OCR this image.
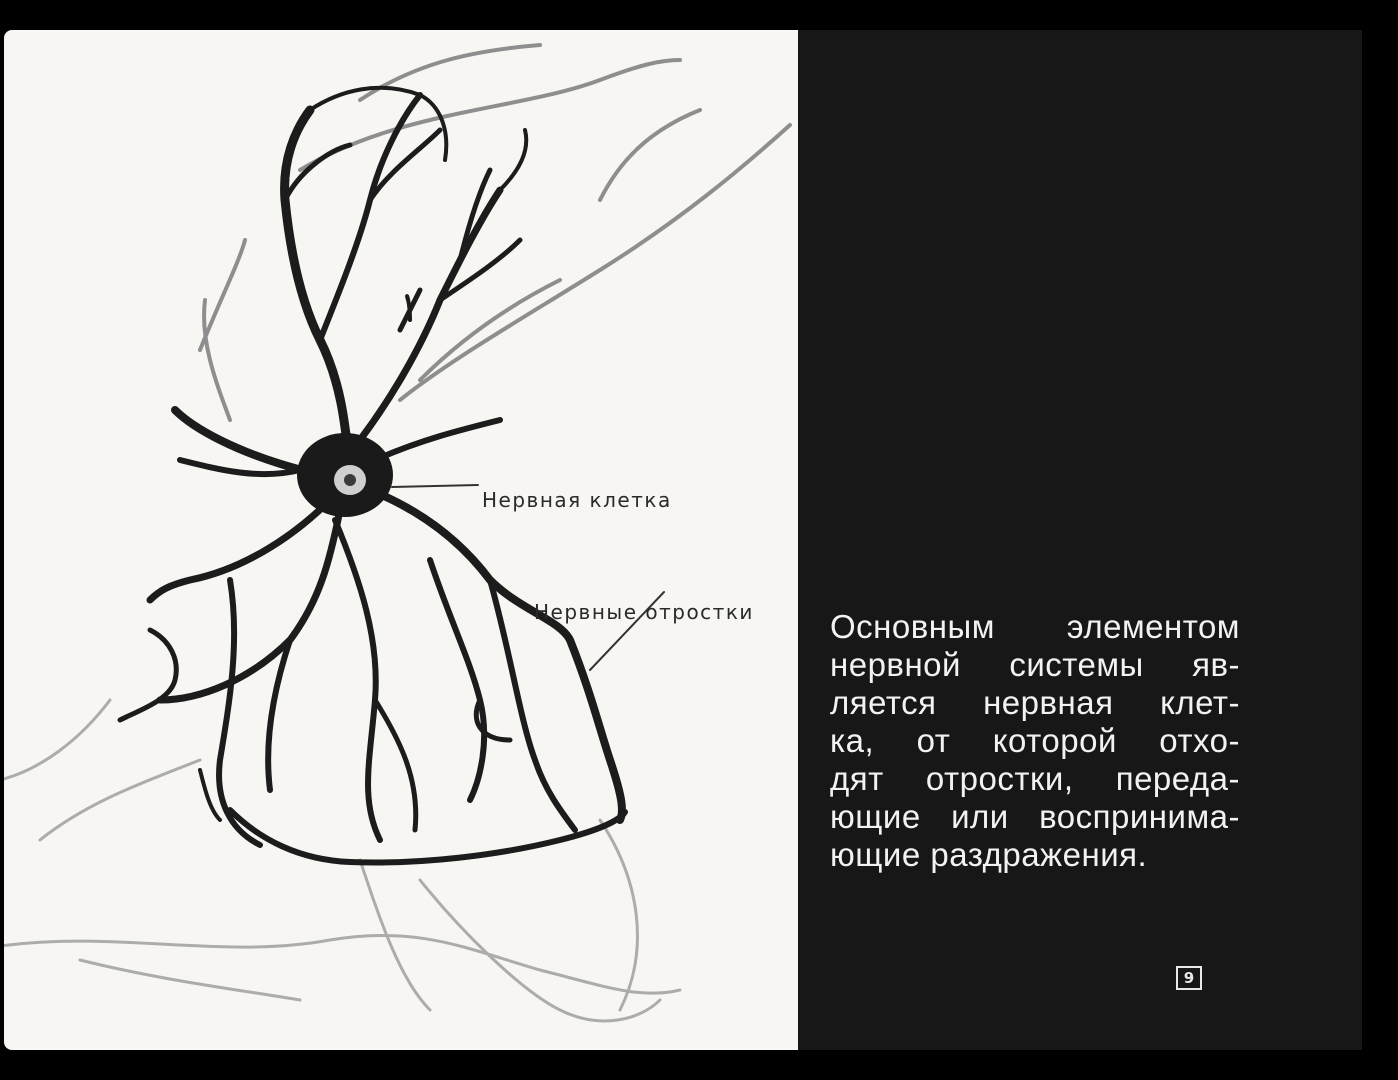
Нервная клетка
Нервные отростки Основным элементом
нервной системы яв-
ляется нервная клет-
ка, от которой отхо-
дят отростки, переда-
ющие или воспринима-
ющие раздражения.
9
